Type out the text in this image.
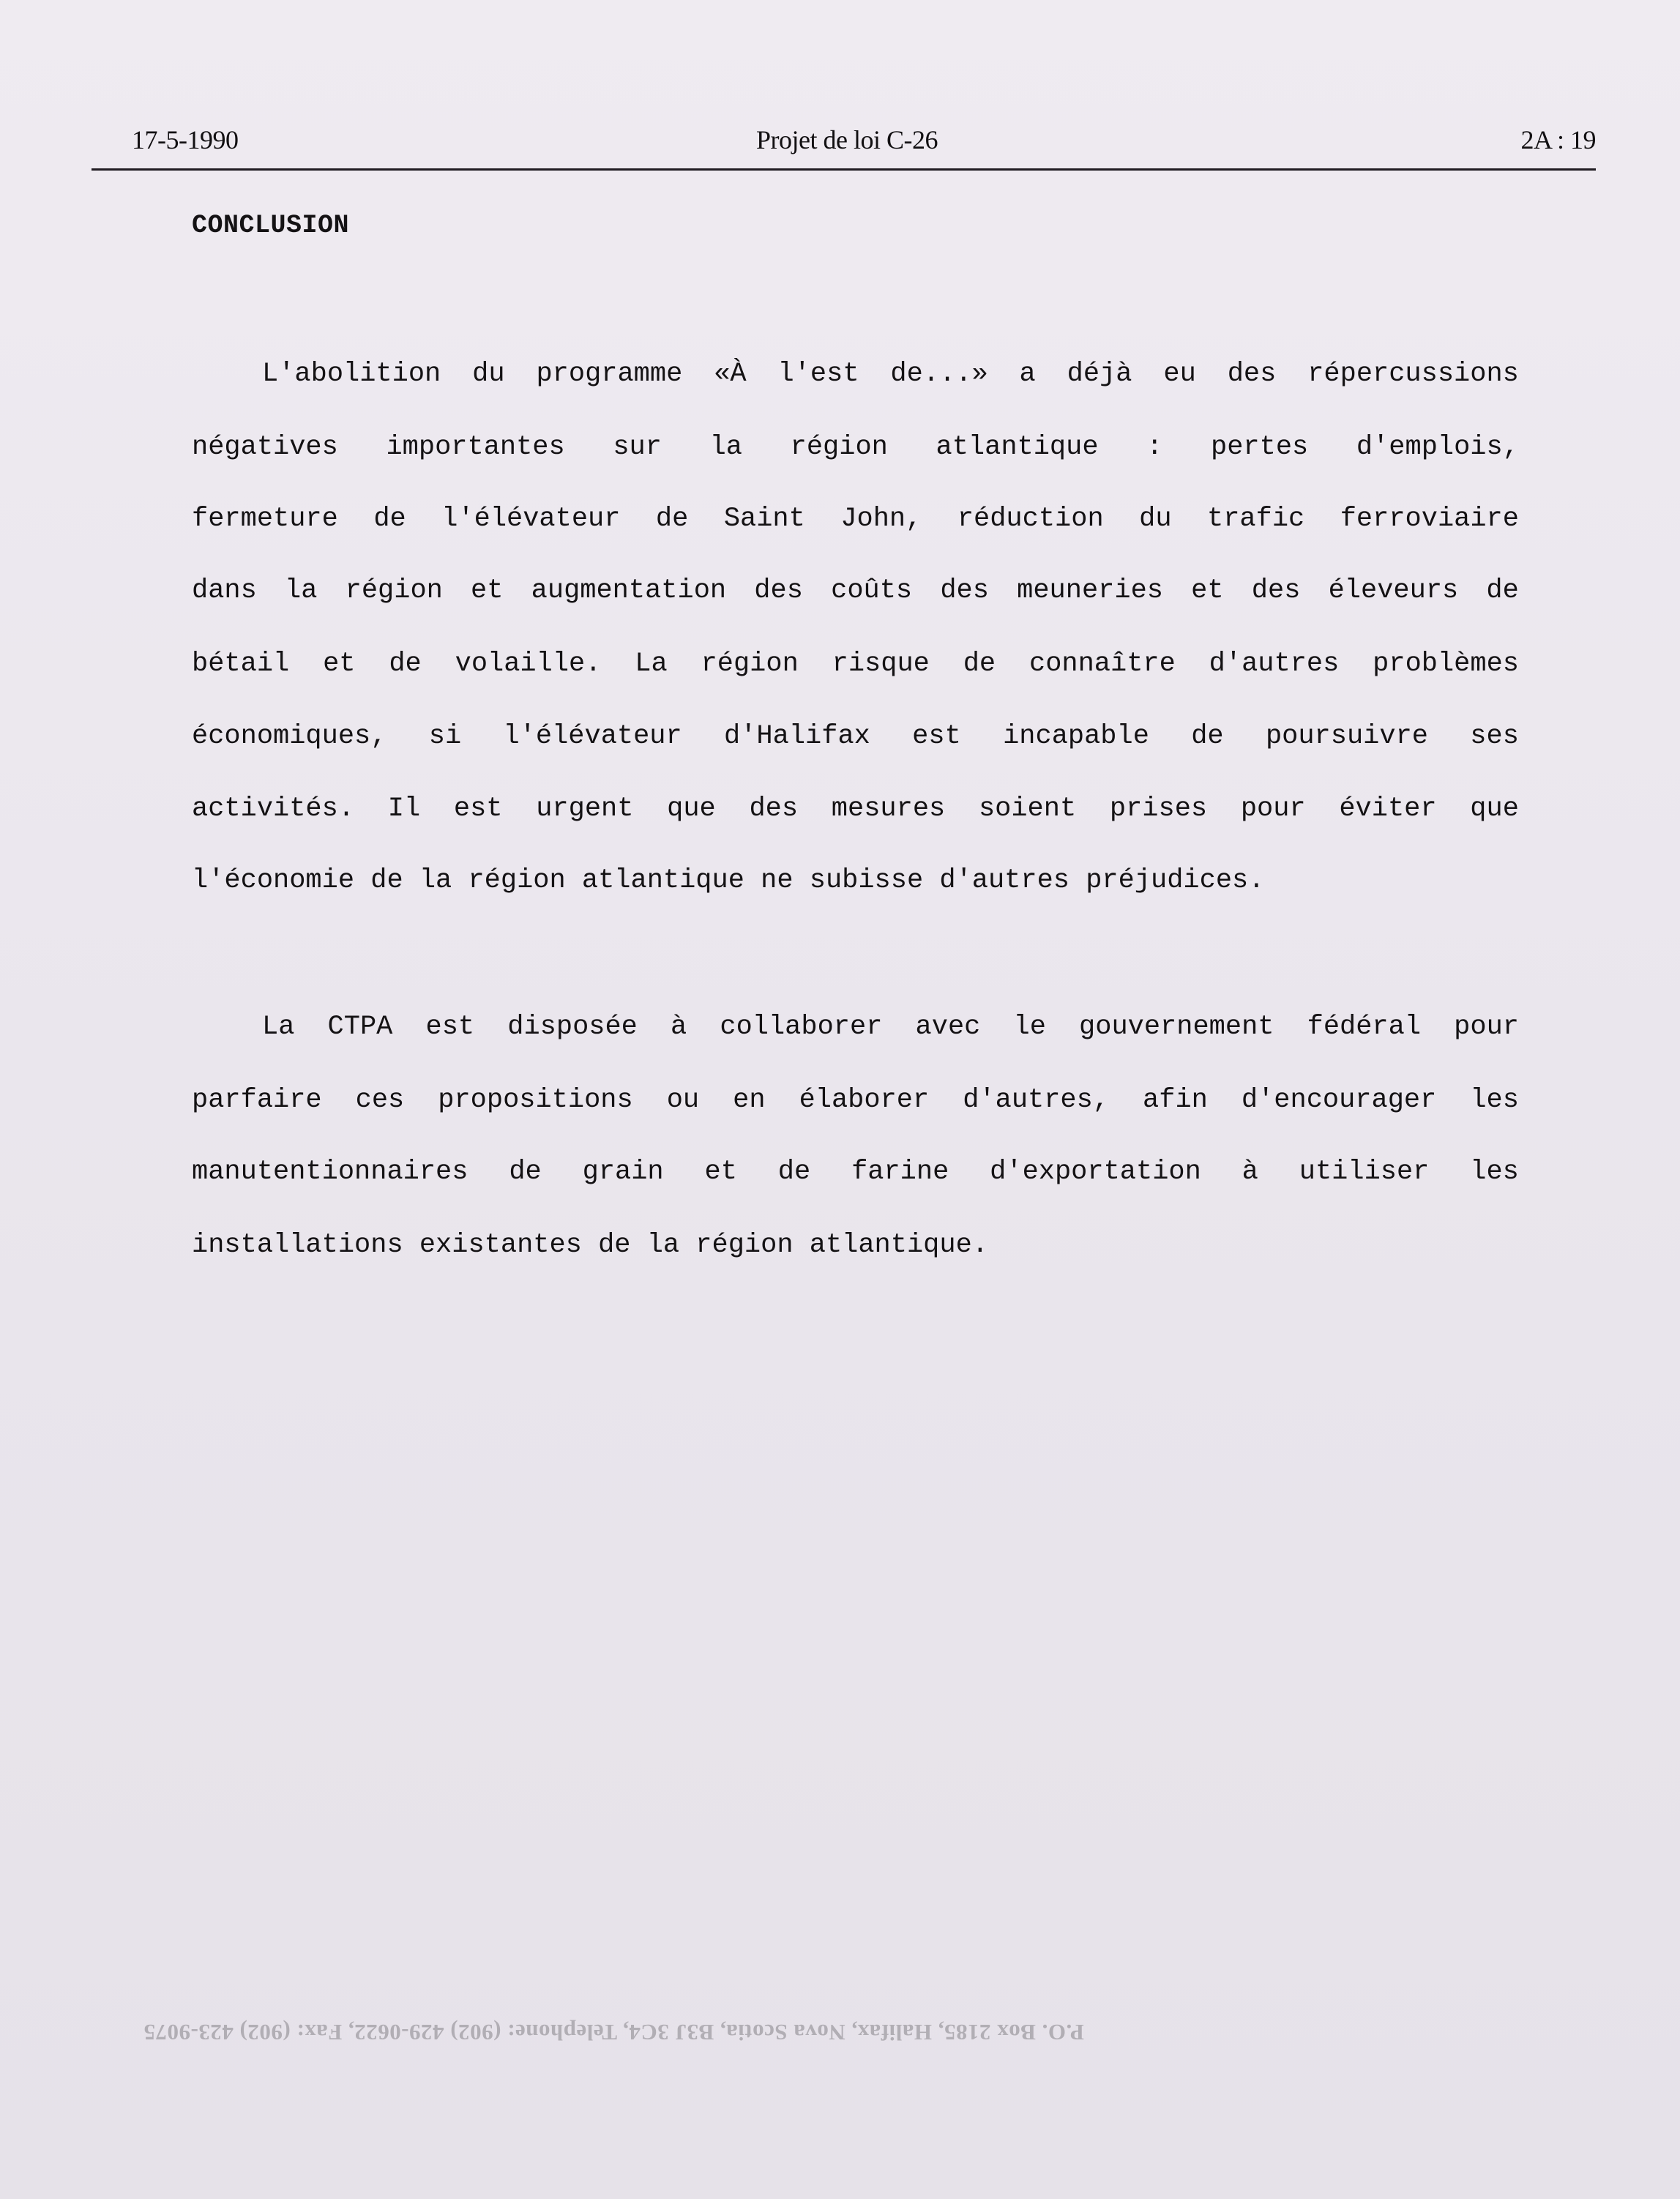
17-5-1990	Projet de loi C-26	2A : 19
CONCLUSION
L'abolition du programme «À l'est de...» a déjà eu des répercussions
négatives importantes sur la région atlantique : pertes d'emplois,
fermeture de l'élévateur de Saint John, réduction du trafic ferroviaire
dans la région et augmentation des coûts des meuneries et des éleveurs de
bétail et de volaille. La région risque de connaître d'autres problèmes
économiques, si l'élévateur d'Halifax est incapable de poursuivre ses
activités. Il est urgent que des mesures soient prises pour éviter que
l'économie de la région atlantique ne subisse d'autres préjudices.
La CTPA est disposée à collaborer avec le gouvernement fédéral pour
parfaire ces propositions ou en élaborer d'autres, afin d'encourager les
manutentionnaires de grain et de farine d'exportation à utiliser les
installations existantes de la région atlantique.
P.O. Box 2185, Halifax, Nova Scotia, B3J 3C4, Telephone: (902) 429-0622, Fax: (902) 423-9075
